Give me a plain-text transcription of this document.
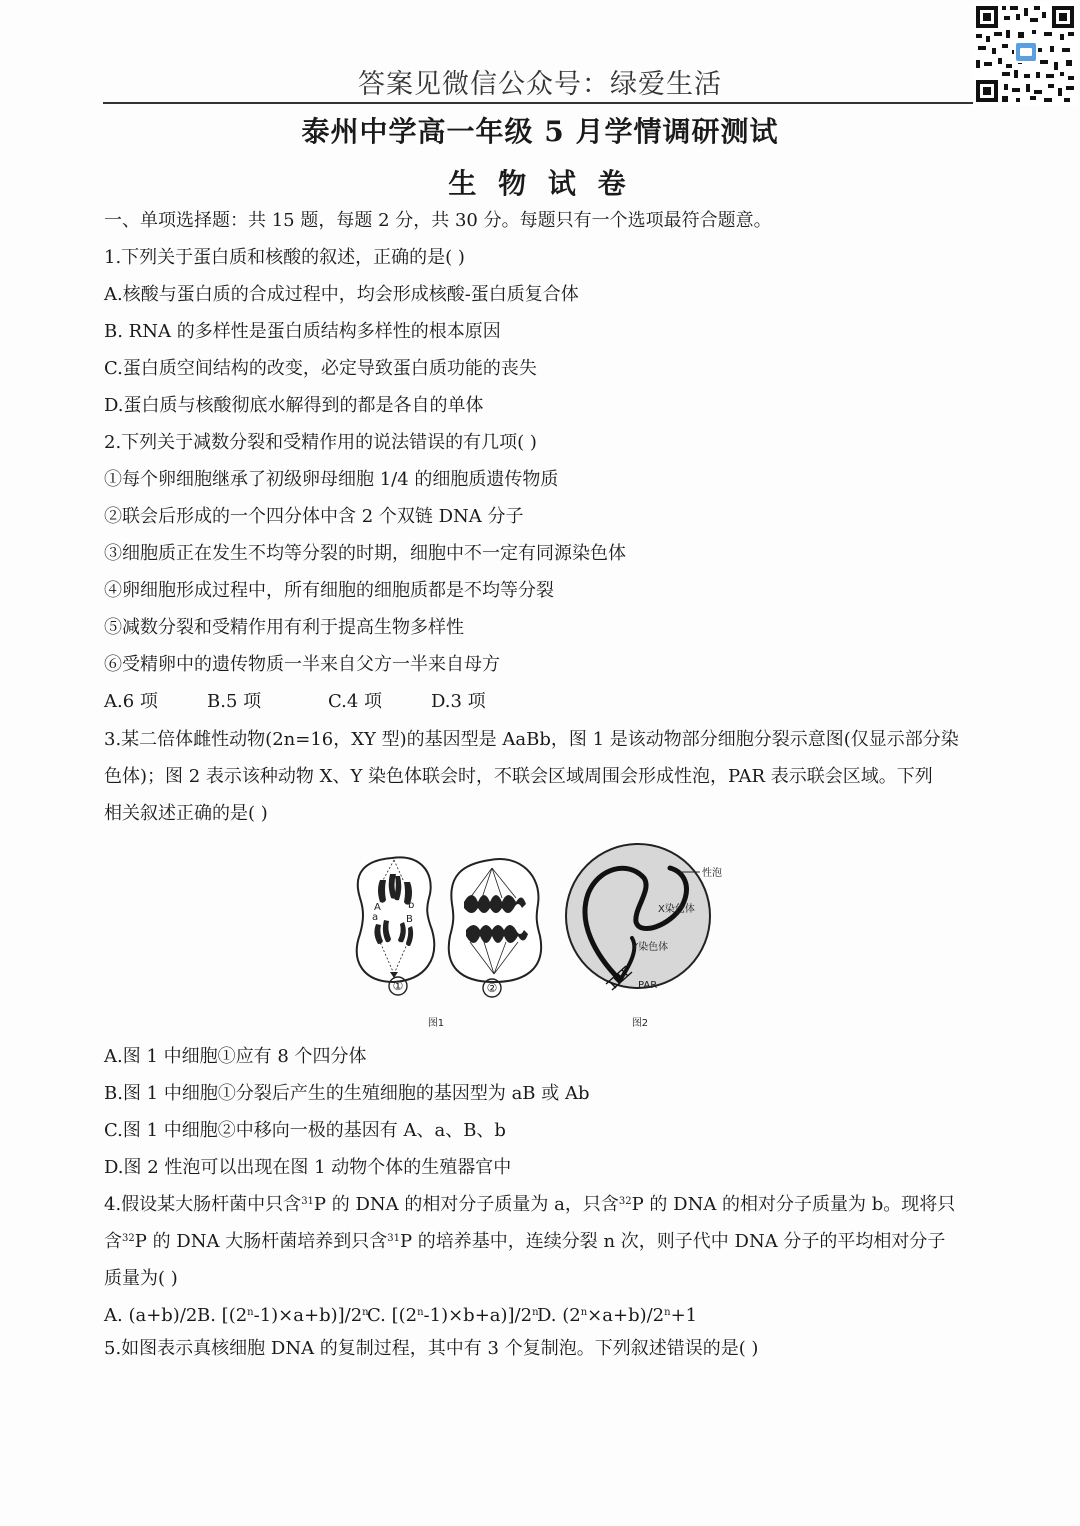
答案见微信公众号：绿爱生活
泰州中学高一年级 5 月学情调研测试
生 物 试 卷
一、单项选择题：共 15 题，每题 2 分，共 30 分。每题只有一个选项最符合题意。
1.下列关于蛋白质和核酸的叙述，正确的是( )
A.核酸与蛋白质的合成过程中，均会形成核酸-蛋白质复合体
B. RNA 的多样性是蛋白质结构多样性的根本原因
C.蛋白质空间结构的改变，必定导致蛋白质功能的丧失
D.蛋白质与核酸彻底水解得到的都是各自的单体
2.下列关于减数分裂和受精作用的说法错误的有几项( )
①每个卵细胞继承了初级卵母细胞 1/4 的细胞质遗传物质
②联会后形成的一个四分体中含 2 个双链 DNA 分子
③细胞质正在发生不均等分裂的时期，细胞中不一定有同源染色体
④卵细胞形成过程中，所有细胞的细胞质都是不均等分裂
⑤减数分裂和受精作用有利于提高生物多样性
⑥受精卵中的遗传物质一半来自父方一半来自母方
A.6 项	B.5 项	C.4 项	D.3 项
3.某二倍体雌性动物(2n=16，XY 型)的基因型是 AaBb，图 1 是该动物部分细胞分裂示意图(仅显示部分染
色体)；图 2 表示该种动物 X、Y 染色体联会时，不联会区域周围会形成性泡，PAR 表示联会区域。下列
相关叙述正确的是( )
A	b
a	B
①	②
图1
性泡
X染色体
Y染色体
PAR
图2
A.图 1 中细胞①应有 8 个四分体
B.图 1 中细胞①分裂后产生的生殖细胞的基因型为 aB 或 Ab
C.图 1 中细胞②中移向一极的基因有 A、a、B、b
D.图 2 性泡可以出现在图 1 动物个体的生殖器官中
4.假设某大肠杆菌中只含$^{31}$P 的 DNA 的相对分子质量为 a，只含$^{32}$P 的 DNA 的相对分子质量为 b。现将只
含$^{32}$P 的 DNA 大肠杆菌培养到只含$^{31}$P 的培养基中，连续分裂 n 次，则子代中 DNA 分子的平均相对分子
质量为( )
A. (a+b)/2B. $[(2^n-1)\times a+b)]/2^nC$. $[(2^n-1)\times b+a)]/2^nD$. $(2^n\times a+b)/2^n+1$
5.如图表示真核细胞 DNA 的复制过程，其中有 3 个复制泡。下列叙述错误的是( )
